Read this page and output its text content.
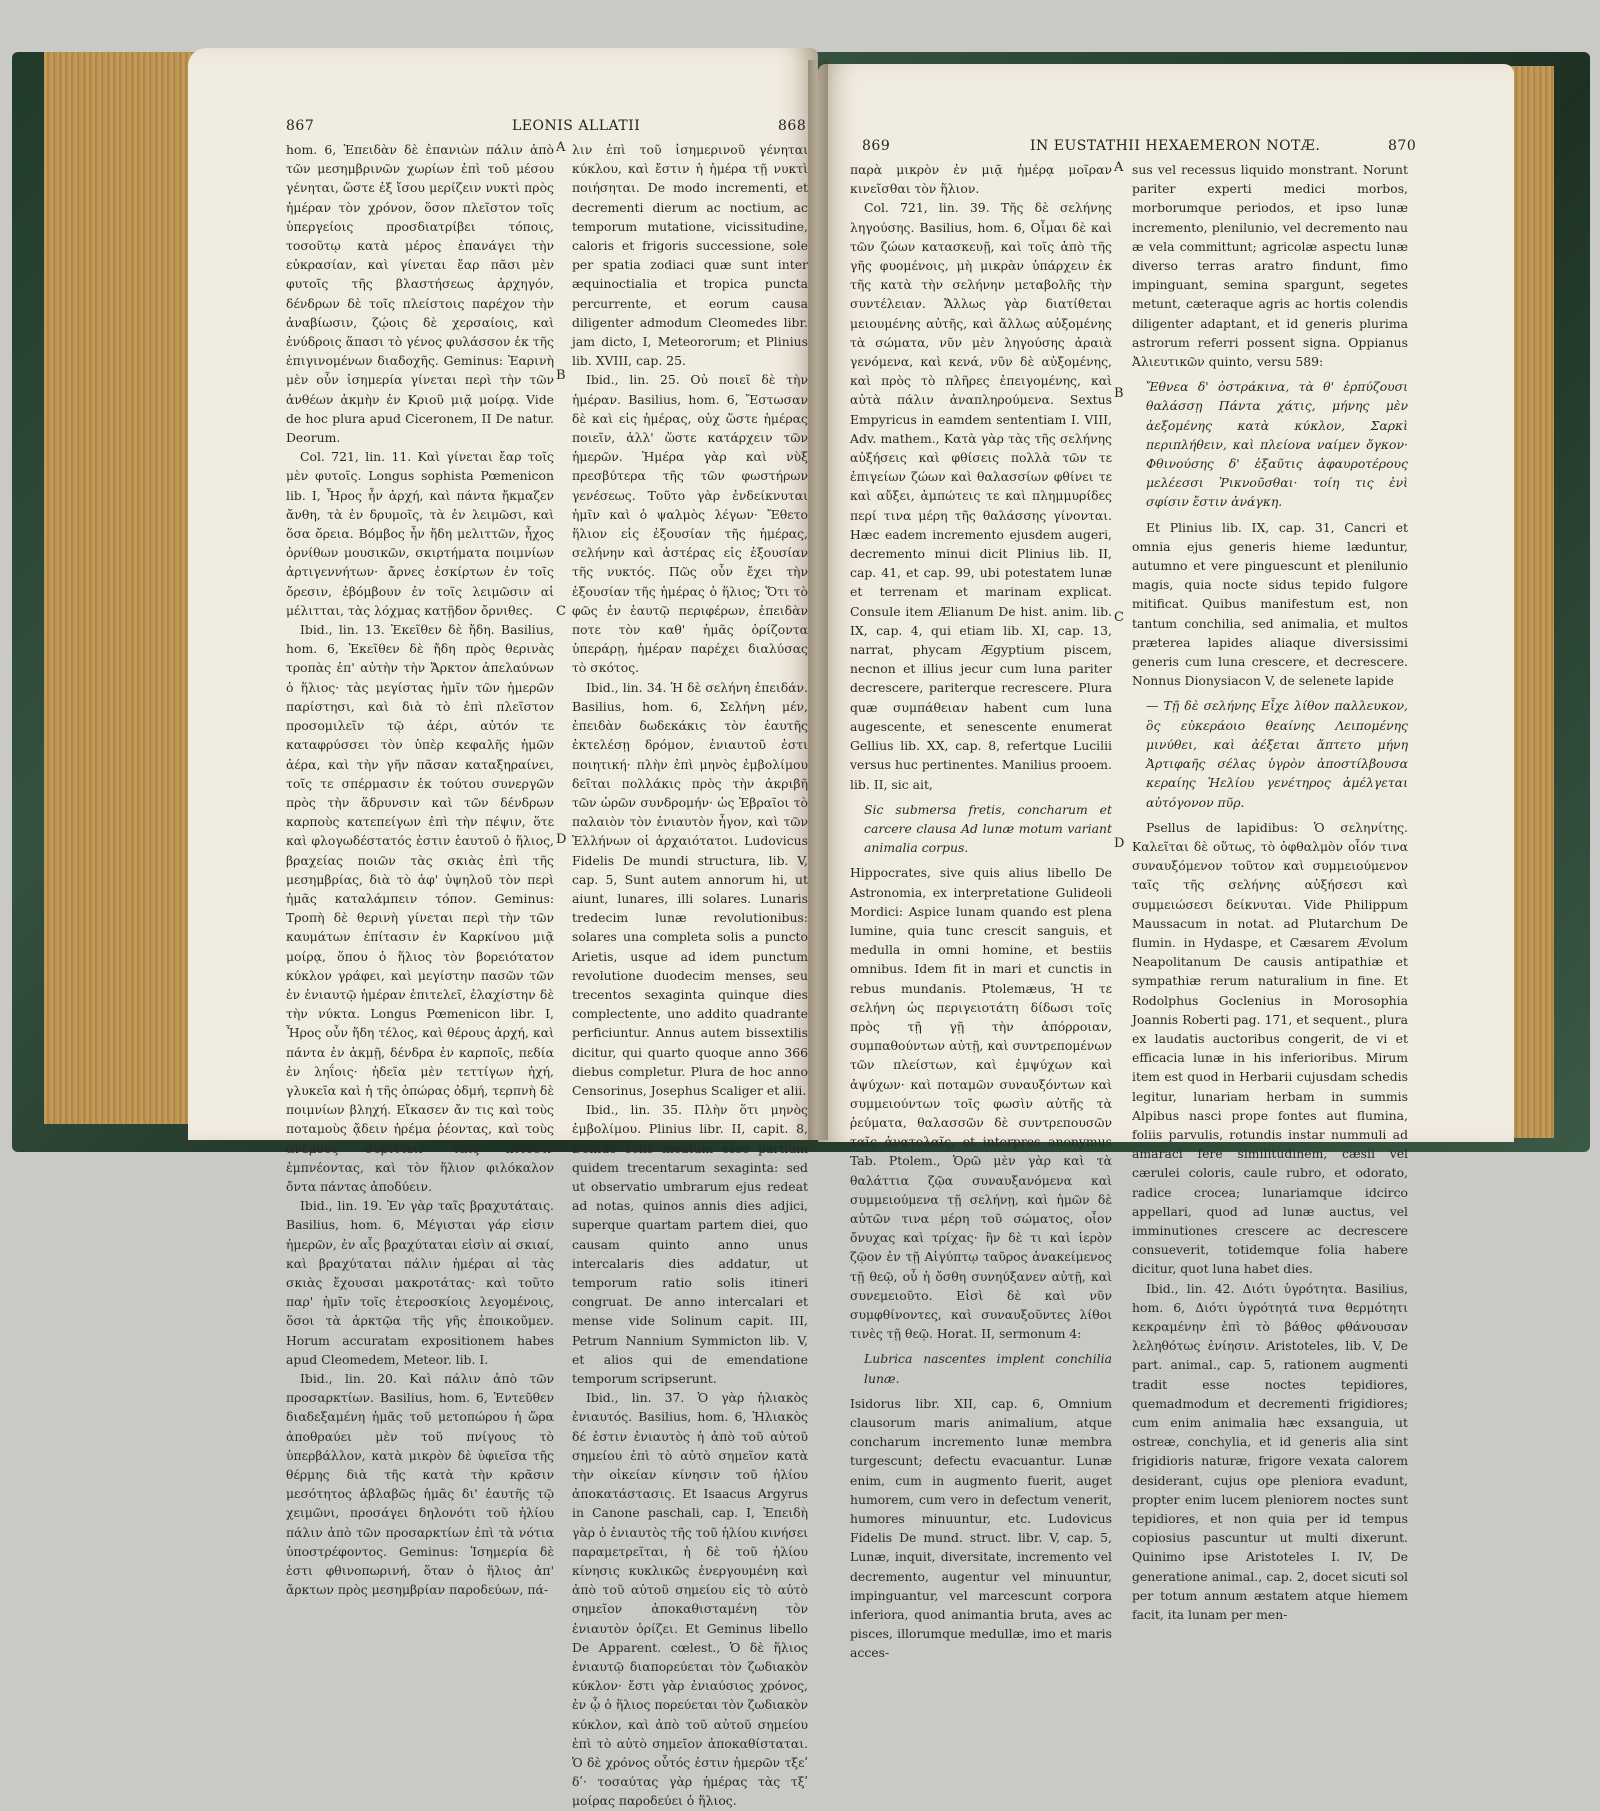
867	LEONIS ALLATII	868
869	IN EUSTATHII HEXAEMERON NOTÆ.	870

hom. 6, Ἐπειδὰν δὲ ἐπανιὼν πάλιν ἀπὸ τῶν μεσημβρινῶν χωρίων ἐπὶ τοῦ μέσου γένηται, ὥστε ἐξ ἴσου μερίζειν νυκτὶ πρὸς ἡμέραν τὸν χρόνον, ὅσον πλεῖστον τοῖς ὑπεργείοις προσδιατρίβει τόποις, τοσοῦτῳ κατὰ μέρος ἐπανάγει τὴν εὐκρασίαν, καὶ γίνεται ἔαρ πᾶσι μὲν φυτοῖς τῆς βλαστήσεως ἀρχηγόν, δένδρων δὲ τοῖς πλείστοις παρέχον τὴν ἀναβίωσιν, ζῴοις δὲ χερσαίοις, καὶ ἐνύδροις ἅπασι τὸ γένος φυλάσσον ἐκ τῆς ἐπιγινομένων διαδοχῆς. Geminus: Ἐαρινὴ μὲν οὖν ἰσημερία γίνεται περὶ τὴν τῶν ἀνθέων ἀκμὴν ἐν Κριοῦ μιᾷ μοίρᾳ. Vide de hoc plura apud Ciceronem, II De natur. Deorum.

Col. 721, lin. 11. Καὶ γίνεται ἔαρ τοῖς μὲν φυτοῖς. Longus sophista Pœmenicon lib. I, Ἦρος ἦν ἀρχή, καὶ πάντα ἤκμαζεν ἄνθη, τὰ ἐν δρυμοῖς, τὰ ἐν λειμῶσι, καὶ ὅσα ὄρεια. Βόμβος ἦν ἤδη μελιττῶν, ἦχος ὀρνίθων μουσικῶν, σκιρτήματα ποιμνίων ἀρτιγεννήτων· ἄρνες ἐσκίρτων ἐν τοῖς ὄρεσιν, ἐβόμβουν ἐν τοῖς λειμῶσιν αἱ μέλιτται, τὰς λόχμας κατῇδον ὄρνιθες.

Ibid., lin. 13. Ἐκεῖθεν δὲ ἤδη. Basilius, hom. 6, Ἐκεῖθεν δὲ ἤδη πρὸς θερινὰς τροπὰς ἐπ' αὐτὴν τὴν Ἄρκτον ἀπελαύνων ὁ ἥλιος· τὰς μεγίστας ἡμῖν τῶν ἡμερῶν παρίστησι, καὶ διὰ τὸ ἐπὶ πλεῖστον προσομιλεῖν τῷ ἀέρι, αὐτόν τε καταφρύσσει τὸν ὑπὲρ κεφαλῆς ἡμῶν ἀέρα, καὶ τὴν γῆν πᾶσαν καταξηραίνει, τοῖς τε σπέρμασιν ἐκ τούτου συνεργῶν πρὸς τὴν ἅδρυνσιν καὶ τῶν δένδρων καρποὺς κατεπείγων ἐπὶ τὴν πέψιν, ὅτε καὶ φλογωδέστατός ἐστιν ἑαυτοῦ ὁ ἥλιος, βραχείας ποιῶν τὰς σκιὰς ἐπὶ τῆς μεσημβρίας, διὰ τὸ ἀφ' ὑψηλοῦ τὸν περὶ ἡμᾶς καταλάμπειν τόπον. Geminus: Τροπὴ δὲ θερινὴ γίνεται περὶ τὴν τῶν καυμάτων ἐπίτασιν ἐν Καρκίνου μιᾷ μοίρᾳ, ὅπου ὁ ἥλιος τὸν βορειότατον κύκλον γράφει, καὶ μεγίστην πασῶν τῶν ἐν ἐνιαυτῷ ἡμέραν ἐπιτελεῖ, ἐλαχίστην δὲ τὴν νύκτα. Longus Pœmenicon libr. I, Ἦρος οὖν ἤδη τέλος, καὶ θέρους ἀρχή, καὶ πάντα ἐν ἀκμῇ, δένδρα ἐν καρποῖς, πεδία ἐν ληΐοις· ἡδεῖα μὲν τεττίγων ἠχή, γλυκεῖα καὶ ἡ τῆς ὀπώρας ὀδμή, τερπνὴ δὲ ποιμνίων βληχή. Εἴκασεν ἄν τις καὶ τοὺς ποταμοὺς ᾄδειν ἠρέμα ῥέοντας, καὶ τοὺς ἀνέμους συρίττειν ταῖς πίτυσιν ἐμπνέοντας, καὶ τὸν ἥλιον φιλόκαλον ὄντα πάντας ἀποδύειν.

Ibid., lin. 19. Ἐν γὰρ ταῖς βραχυτάταις. Basilius, hom. 6, Μέγισται γάρ εἰσιν ἡμερῶν, ἐν αἷς βραχύταται εἰσὶν αἱ σκιαί, καὶ βραχύταται πάλιν ἡμέραι αἱ τὰς σκιὰς ἔχουσαι μακροτάτας· καὶ τοῦτο παρ' ἡμῖν τοῖς ἑτεροσκίοις λεγομένοις, ὅσοι τὰ ἀρκτῷα τῆς γῆς ἐποικοῦμεν. Horum accuratam expositionem habes apud Cleomedem, Meteor. lib. I.

Ibid., lin. 20. Καὶ πάλιν ἀπὸ τῶν προσαρκτίων. Basilius, hom. 6, Ἐντεῦθεν διαδεξαμένη ἡμᾶς τοῦ μετοπώρου ἡ ὥρα ἀποθραύει μὲν τοῦ πνίγους τὸ ὑπερβάλλον, κατὰ μικρὸν δὲ ὑφιεῖσα τῆς θέρμης διὰ τῆς κατὰ τὴν κρᾶσιν μεσότητος ἀβλαβῶς ἡμᾶς δι' ἑαυτῆς τῷ χειμῶνι, προσάγει δηλονότι τοῦ ἡλίου πάλιν ἀπὸ τῶν προσαρκτίων ἐπὶ τὰ νότια ὑποστρέφοντος. Geminus: Ἰσημερία δὲ ἐστι φθινοπωρινή, ὅταν ὁ ἥλιος ἀπ' ἄρκτων πρὸς μεσημβρίαν παροδεύων, πά-

A
B
C
D

λιν ἐπὶ τοῦ ἰσημερινοῦ γένηται κύκλου, καὶ ἔστιν ἡ ἡμέρα τῇ νυκτὶ ποιήσηται. De modo incrementi, et decrementi dierum ac noctium, ac temporum mutatione, vicissitudine, caloris et frigoris successione, sole per spatia zodiaci quæ sunt inter æquinoctialia et tropica puncta percurrente, et eorum causa diligenter admodum Cleomedes libr. jam dicto, I, Meteororum; et Plinius lib. XVIII, cap. 25.

Ibid., lin. 25. Οὐ ποιεῖ δὲ τὴν ἡμέραν. Basilius, hom. 6, Ἔστωσαν δὲ καὶ εἰς ἡμέρας, οὐχ ὥστε ἡμέρας ποιεῖν, ἀλλ' ὥστε κατάρχειν τῶν ἡμερῶν. Ἡμέρα γὰρ καὶ νὺξ πρεσβύτερα τῆς τῶν φωστήρων γενέσεως. Τοῦτο γὰρ ἐνδείκνυται ἡμῖν καὶ ὁ ψαλμὸς λέγων· Ἔθετο ἥλιον εἰς ἐξουσίαν τῆς ἡμέρας, σελήνην καὶ ἀστέρας εἰς ἐξουσίαν τῆς νυκτός. Πῶς οὖν ἔχει τὴν ἐξουσίαν τῆς ἡμέρας ὁ ἥλιος; Ὅτι τὸ φῶς ἐν ἑαυτῷ περιφέρων, ἐπειδὰν ποτε τὸν καθ' ἡμᾶς ὁρίζοντα ὑπεράρῃ, ἡμέραν παρέχει διαλύσας τὸ σκότος.

Ibid., lin. 34. Ἡ δὲ σελήνη ἐπειδάν. Basilius, hom. 6, Σελήνη μέν, ἐπειδὰν δωδεκάκις τὸν ἑαυτῆς ἐκτελέσῃ δρόμον, ἐνιαυτοῦ ἐστι ποιητική· πλὴν ἐπὶ μηνὸς ἐμβολίμου δεῖται πολλάκις πρὸς τὴν ἀκριβῆ τῶν ὡρῶν συνδρομήν· ὡς Ἑβραῖοι τὸ παλαιὸν τὸν ἐνιαυτὸν ἦγον, καὶ τῶν Ἑλλήνων οἱ ἀρχαιότατοι. Ludovicus Fidelis De mundi structura, lib. V, cap. 5, Sunt autem annorum hi, ut aiunt, lunares, illi solares. Lunaris tredecim lunæ revolutionibus: solares una completa solis a puncto Arietis, usque ad idem punctum revolutione duodecim menses, seu trecentos sexaginta quinque dies complectente, uno addito quadrante perficiuntur. Annus autem bissextilis dicitur, qui quarto quoque anno 366 diebus completur. Plura de hoc anno Censorinus, Josephus Scaliger et alii.

Ibid., lin. 35. Πλὴν ὅτι μηνὸς ἐμβολίμου. Plinius libr. II, capit. 8, Deinde solis meatum esse partium quidem trecentarum sexaginta: sed ut observatio umbrarum ejus redeat ad notas, quinos annis dies adjici, superque quartam partem diei, quo causam quinto anno unus intercalaris dies addatur, ut temporum ratio solis itineri congruat. De anno intercalari et mense vide Solinum capit. III, Petrum Nannium Symmicton lib. V, et alios qui de emendatione temporum scripserunt.

Ibid., lin. 37. Ὁ γὰρ ἡλιακὸς ἐνιαυτός. Basilius, hom. 6, Ἡλιακὸς δέ ἐστιν ἐνιαυτὸς ἡ ἀπὸ τοῦ αὐτοῦ σημείου ἐπὶ τὸ αὐτὸ σημεῖον κατὰ τὴν οἰκείαν κίνησιν τοῦ ἡλίου ἀποκατάστασις. Et Isaacus Argyrus in Canone paschali, cap. I, Ἐπειδὴ γὰρ ὁ ἐνιαυτὸς τῆς τοῦ ἡλίου κινήσει παραμετρεῖται, ἡ δὲ τοῦ ἡλίου κίνησις κυκλικῶς ἐνεργουμένη καὶ ἀπὸ τοῦ αὐτοῦ σημείου εἰς τὸ αὐτὸ σημεῖον ἀποκαθισταμένη τὸν ἐνιαυτὸν ὁρίζει. Et Geminus libello De Apparent. cœlest., Ὁ δὲ ἥλιος ἐνιαυτῷ διαπορεύεται τὸν ζωδιακὸν κύκλον· ἔστι γὰρ ἐνιαύσιος χρόνος, ἐν ᾧ ὁ ἥλιος πορεύεται τὸν ζωδιακὸν κύκλον, καὶ ἀπὸ τοῦ αὐτοῦ σημείου ἐπὶ τὸ αὐτὸ σημεῖον ἀποκαθίσταται. Ὁ δὲ χρόνος οὗτός ἐστιν ἡμερῶν τξεʹ δʹ· τοσαύτας γὰρ ἡμέρας τὰς τξʹ μοίρας παροδεύει ὁ ἥλιος.

παρὰ μικρὸν ἐν μιᾷ ἡμέρᾳ μοῖραν κινεῖσθαι τὸν ἥλιον.

Col. 721, lin. 39. Τῆς δὲ σελήνης ληγούσης. Basilius, hom. 6, Οἶμαι δὲ καὶ τῶν ζώων κατασκευῇ, καὶ τοῖς ἀπὸ τῆς γῆς φυομένοις, μὴ μικρὰν ὑπάρχειν ἐκ τῆς κατὰ τὴν σελήνην μεταβολῆς τὴν συντέλειαν. Ἄλλως γὰρ διατίθεται μειουμένης αὐτῆς, καὶ ἄλλως αὐξομένης τὰ σώματα, νῦν μὲν ληγούσης ἀραιὰ γενόμενα, καὶ κενά, νῦν δὲ αὐξομένης, καὶ πρὸς τὸ πλῆρες ἐπειγομένης, καὶ αὐτὰ πάλιν ἀναπληρούμενα. Sextus Empyricus in eamdem sententiam I. VIII, Adv. mathem., Κατὰ γὰρ τὰς τῆς σελήνης αὐξήσεις καὶ φθίσεις πολλὰ τῶν τε ἐπιγείων ζώων καὶ θαλασσίων φθίνει τε καὶ αὔξει, ἀμπώτεις τε καὶ πλημμυρίδες περί τινα μέρη τῆς θαλάσσης γίνονται. Hæc eadem incremento ejusdem augeri, decremento minui dicit Plinius lib. II, cap. 41, et cap. 99, ubi potestatem lunæ et terrenam et marinam explicat. Consule item Ælianum De hist. anim. lib. IX, cap. 4, qui etiam lib. XI, cap. 13, narrat, phycam Ægyptium piscem, necnon et illius jecur cum luna pariter decrescere, pariterque recrescere. Plura quæ συμπάθειαν habent cum luna augescente, et senescente enumerat Gellius lib. XX, cap. 8, refertque Lucilii versus huc pertinentes. Manilius prooem. lib. II, sic ait,

Sic submersa fretis, concharum et carcere clausa Ad lunæ motum variant animalia corpus.

Hippocrates, sive quis alius libello De Astronomia, ex interpretatione Gulideoli Mordici: Aspice lunam quando est plena lumine, quia tunc crescit sanguis, et medulla in omni homine, et bestiis omnibus. Idem fit in mari et cunctis in rebus mundanis. Ptolemæus, Ἡ τε σελήνη ὡς περιγειοτάτη δίδωσι τοῖς πρὸς τῇ γῇ τὴν ἀπόρροιαν, συμπαθούντων αὐτῇ, καὶ συντρεπομένων τῶν πλείστων, καὶ ἐμψύχων καὶ ἀψύχων· καὶ ποταμῶν συναυξόντων καὶ συμμειούντων τοῖς φωσὶν αὐτῆς τὰ ῥεύματα, θαλασσῶν δὲ συντρεπουσῶν ταῖς ἀνατολαῖς, et interpres anonymus Tab. Ptolem., Ὁρῶ μὲν γὰρ καὶ τὰ θαλάττια ζῷα συναυξανόμενα καὶ συμμειούμενα τῇ σελήνῃ, καὶ ἡμῶν δὲ αὐτῶν τινα μέρη τοῦ σώματος, οἷον ὄνυχας καὶ τρίχας· ἣν δὲ τι καὶ ἱερὸν ζῷον ἐν τῇ Αἰγύπτῳ ταῦρος ἀνακείμενος τῇ θεῷ, οὗ ἡ ὄσθη συνηύξανεν αὐτῇ, καὶ συνεμειοῦτο. Εἰσὶ δὲ καὶ νῦν συμφθίνοντες, καὶ συναυξοῦντες λίθοι τινὲς τῇ θεῷ. Horat. II, sermonum 4:

Lubrica nascentes implent conchilia lunæ.

Isidorus libr. XII, cap. 6, Omnium clausorum maris animalium, atque concharum incremento lunæ membra turgescunt; defectu evacuantur. Lunæ enim, cum in augmento fuerit, auget humorem, cum vero in defectum venerit, humores minuuntur, etc. Ludovicus Fidelis De mund. struct. libr. V, cap. 5, Lunæ, inquit, diversitate, incremento vel decremento, augentur vel minuuntur, impinguantur, vel marcescunt corpora inferiora, quod animantia bruta, aves ac pisces, illorumque medullæ, imo et maris acces-

A
B
C
D

sus vel recessus liquido monstrant. Norunt pariter experti medici morbos, morborumque periodos, et ipso lunæ incremento, plenilunio, vel decremento nau æ vela committunt; agricolæ aspectu lunæ diverso terras aratro findunt, fimo impinguant, semina spargunt, segetes metunt, cæteraque agris ac hortis colendis diligenter adaptant, et id generis plurima astrorum referri possent signa. Oppianus Ἀλιευτικῶν quinto, versu 589:

Ἔθνεα δ' ὀστράκινα, τὰ θ' ἑρπύζουσι θαλάσσῃ Πάντα χάτις, μήνης μὲν ἀεξομένης κατὰ κύκλον, Σαρκὶ περιπλήθειν, καὶ πλείονα ναίμεν ὄγκον· Φθινούσης δ' ἐξαῦτις ἀφαυροτέρους μελέεσσι Ῥικνοῦσθαι· τοίη τις ἐνὶ σφίσιν ἔστιν ἀνάγκη.

Et Plinius lib. IX, cap. 31, Cancri et omnia ejus generis hieme læduntur, autumno et vere pinguescunt et plenilunio magis, quia nocte sidus tepido fulgore mitificat. Quibus manifestum est, non tantum conchilia, sed animalia, et multos præterea lapides aliaque diversissimi generis cum luna crescere, et decrescere. Nonnus Dionysiacon V, de selenete lapide

— Τῇ δὲ σελήνης Εἶχε λίθον παλλευκον, ὃς εὐκεράοιο θεαίνης Λειπομένης μινύθει, καὶ ἀέξεται ἄπτετο μήνη Ἀρτιφαῆς σέλας ὑγρὸν ἀποστίλβουσα κεραίης Ἡελίου γενέτηρος ἀμέλγεται αὐτόγονον πῦρ.

Psellus de lapidibus: Ὁ σεληνίτης. Καλεῖται δὲ οὕτως, τὸ ὀφθαλμὸν οἷόν τινα συναυξόμενον τοῦτον καὶ συμμειούμενον ταῖς τῆς σελήνης αὐξήσεσι καὶ συμμειώσεσι δείκνυται. Vide Philippum Maussacum in notat. ad Plutarchum De flumin. in Hydaspe, et Cæsarem Ævolum Neapolitanum De causis antipathiæ et sympathiæ rerum naturalium in fine. Et Rodolphus Goclenius in Morosophia Joannis Roberti pag. 171, et sequent., plura ex laudatis auctoribus congerit, de vi et efficacia lunæ in his inferioribus. Mirum item est quod in Herbarii cujusdam schedis legitur, lunariam herbam in summis Alpibus nasci prope fontes aut flumina, foliis parvulis, rotundis instar nummuli ad amaraci fere similitudinem, cæsii vel cærulei coloris, caule rubro, et odorato, radice crocea; lunariamque idcirco appellari, quod ad lunæ auctus, vel imminutiones crescere ac decrescere consueverit, totidemque folia habere dicitur, quot luna habet dies.

Ibid., lin. 42. Διότι ὑγρότητα. Basilius, hom. 6, Διότι ὑγρότητά τινα θερμότητι κεκραμένην ἐπὶ τὸ βάθος φθάνουσαν λεληθότως ἐνίησιν. Aristoteles, lib. V, De part. animal., cap. 5, rationem augmenti tradit esse noctes tepidiores, quemadmodum et decrementi frigidiores; cum enim animalia hæc exsanguia, ut ostreæ, conchylia, et id generis alia sint frigidioris naturæ, frigore vexata calorem desiderant, cujus ope pleniora evadunt, propter enim lucem pleniorem noctes sunt tepidiores, et non quia per id tempus copiosius pascuntur ut multi dixerunt. Quinimo ipse Aristoteles I. IV, De generatione animal., cap. 2, docet sicuti sol per totum annum æstatem atque hiemem facit, ita lunam per men-
